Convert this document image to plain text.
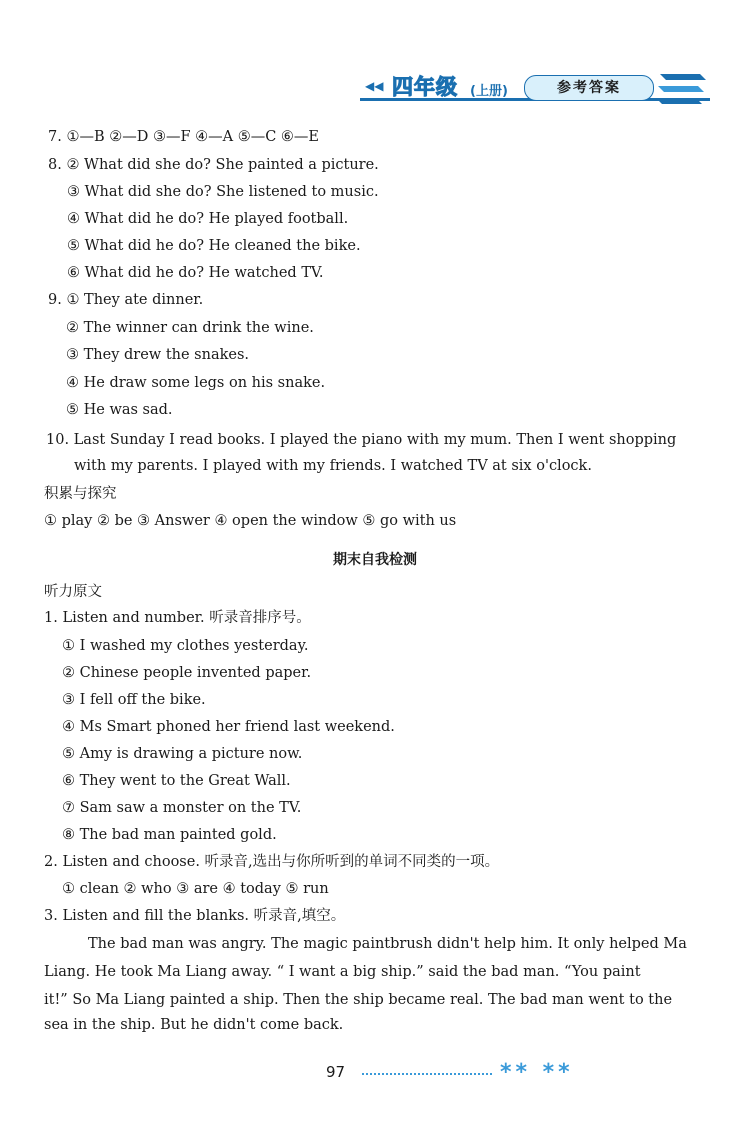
◀◀ 四年级 (上册)	参考答案
7. ①—B ②—D ③—F ④—A ⑤—C ⑥—E
8. ② What did she do? She painted a picture.
③ What did she do? She listened to music.
④ What did he do? He played football.
⑤ What did he do? He cleaned the bike.
⑥ What did he do? He watched TV.
9. ① They ate dinner.
② The winner can drink the wine.
③ They drew the snakes.
④ He draw some legs on his snake.
⑤ He was sad.
10. Last Sunday I read books. I played the piano with my mum. Then I went shopping
with my parents. I played with my friends. I watched TV at six o'clock.
积累与探究
① play ② be ③ Answer ④ open the window ⑤ go with us
期末自我检测
听力原文
1. Listen and number. 听录音排序号。
① I washed my clothes yesterday.
② Chinese people invented paper.
③ I fell off the bike.
④ Ms Smart phoned her friend last weekend.
⑤ Amy is drawing a picture now.
⑥ They went to the Great Wall.
⑦ Sam saw a monster on the TV.
⑧ The bad man painted gold.
2. Listen and choose. 听录音,选出与你所听到的单词不同类的一项。
① clean ② who ③ are ④ today ⑤ run
3. Listen and fill the blanks. 听录音,填空。
The bad man was angry. The magic paintbrush didn't help him. It only helped Ma
Liang. He took Ma Liang away. “ I want a big ship.” said the bad man. “You paint
it!” So Ma Liang painted a ship. Then the ship became real. The bad man went to the
sea in the ship. But he didn't come back.
97	** **
